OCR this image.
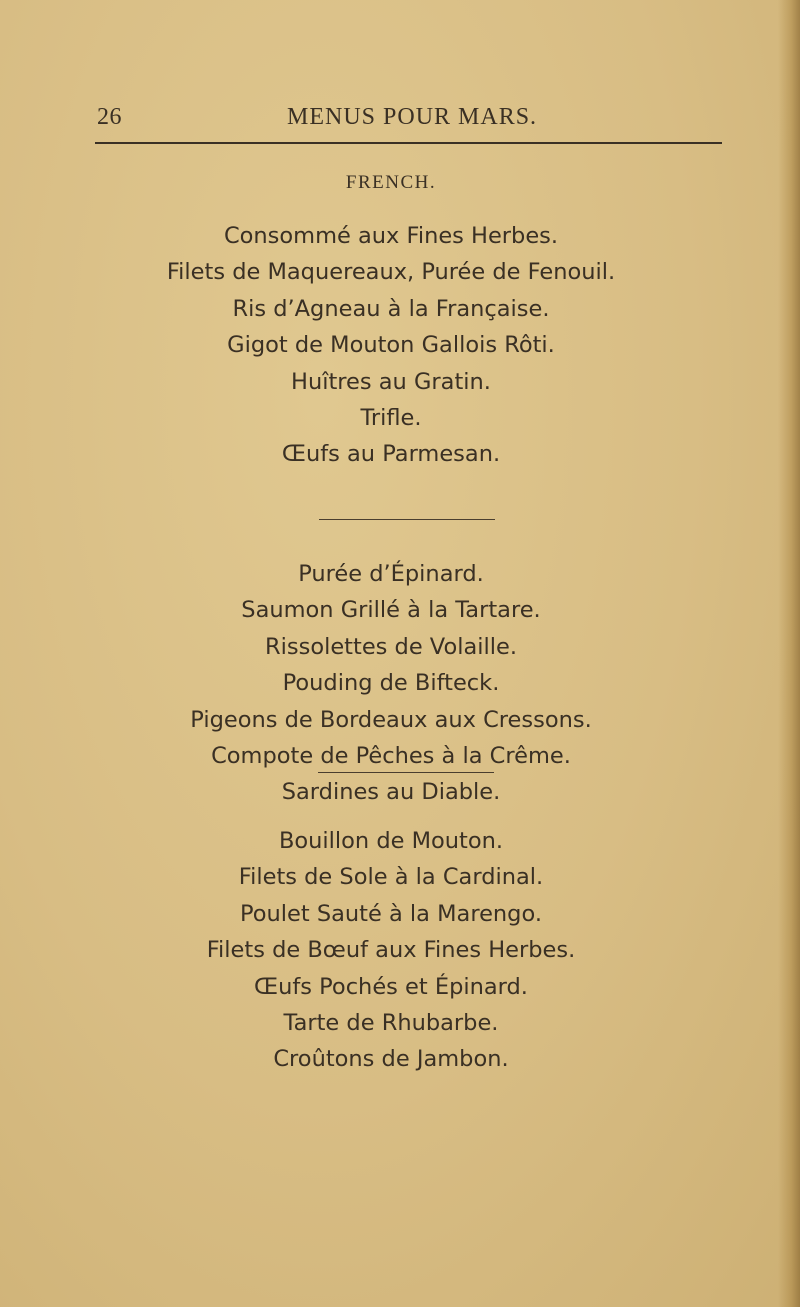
26	MENUS POUR MARS.
FRENCH.
Consommé aux Fines Herbes.
Filets de Maquereaux, Purée de Fenouil.
Ris d’Agneau à la Française.
Gigot de Mouton Gallois Rôti.
Huîtres au Gratin.
Trifle.
Œufs au Parmesan.
Purée d’Épinard.
Saumon Grillé à la Tartare.
Rissolettes de Volaille.
Pouding de Bifteck.
Pigeons de Bordeaux aux Cressons.
Compote de Pêches à la Crême.
Sardines au Diable.
Bouillon de Mouton.
Filets de Sole à la Cardinal.
Poulet Sauté à la Marengo.
Filets de Bœuf aux Fines Herbes.
Œufs Pochés et Épinard.
Tarte de Rhubarbe.
Croûtons de Jambon.
